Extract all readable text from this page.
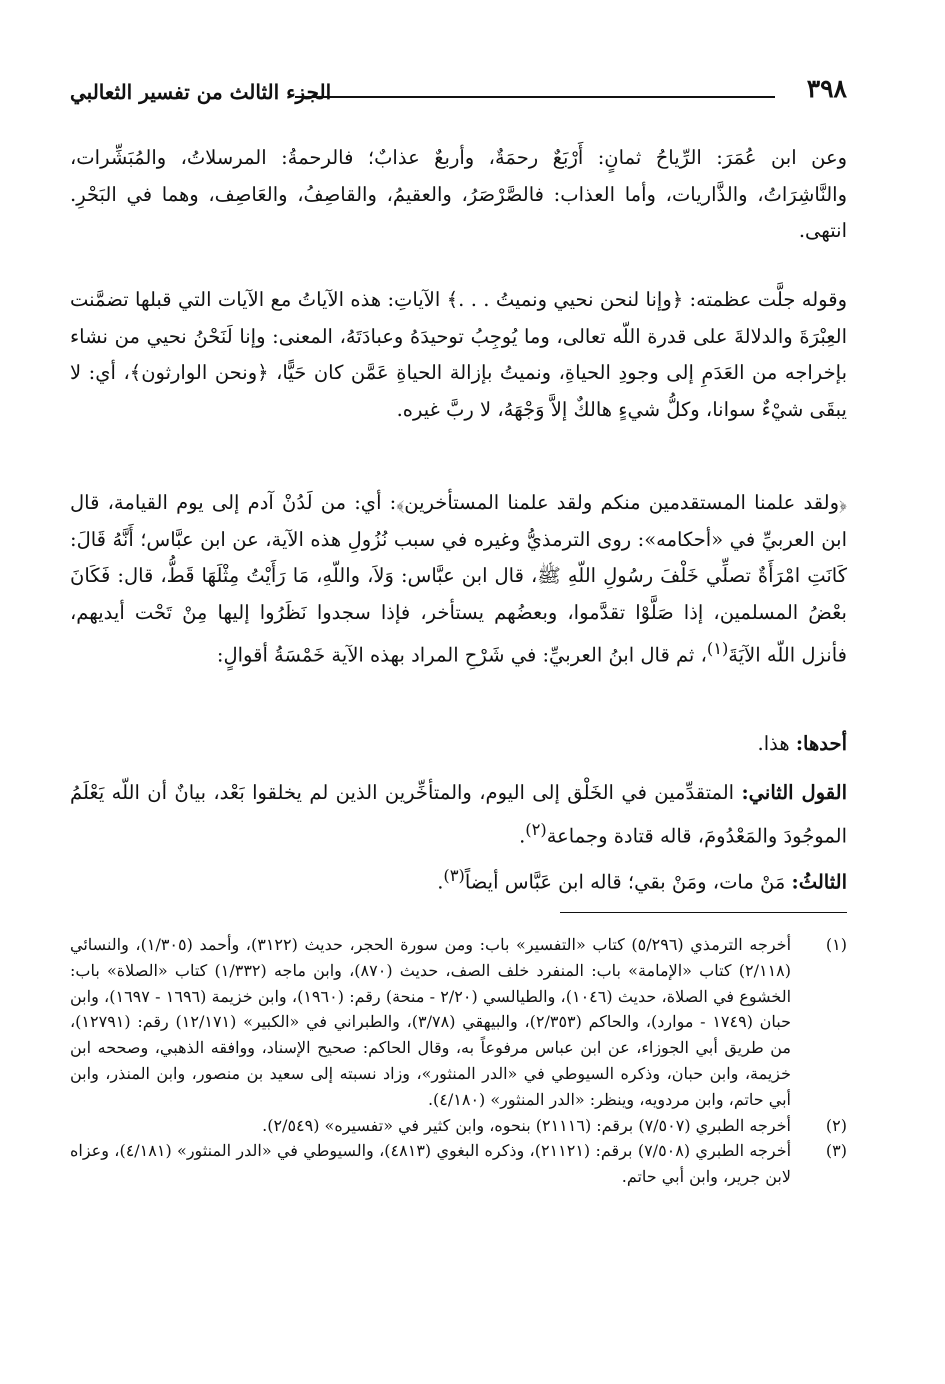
٣٩٨
الجزء الثالث من تفسير الثعالبي

وعن ابن عُمَرَ: الرِّياحُ ثمانٍ: أَرْبَعٌ رحمَةٌ، وأربعٌ عذابٌ؛ فالرحمةُ: المرسلاتُ، والمُبَشِّرات، والنَّاشِرَاتُ، والذَّاريات، وأما العذاب: فالصَّرْصَرُ، والعقيمُ، والقاصِفُ، والعَاصِف، وهما في البَحْرِ. انتهى.

وقوله جلَّت عظمته: ﴿وإنا لنحن نحيي ونميتُ . . .﴾ الآياتِ: هذه الآياتُ مع الآيات التي قبلها تضمَّنت العِبْرَةَ والدلالةَ على قدرة اللّه تعالى، وما يُوجِبُ توحيدَهُ وعبادَتَهُ، المعنى: وإنا لَنَحْنُ نحيي من نشاء بإخراجه من العَدَمِ إلى وجودِ الحياةِ، ونميتُ بإزالة الحياةِ عَمَّن كان حَيًّا، ﴿ونحن الوارثون﴾، أي: لا يبقَى شيْءٌ سوانا، وكلُّ شيءٍ هالكٌ إلاَّ وَجْهَهُ، لا ربَّ غيره.

﴿ولقد علمنا المستقدمين منكم ولقد علمنا المستأخرين﴾: أي: من لَدُنْ آدم إلى يوم القيامة، قال ابن العربيِّ في «أحكامه»: روى الترمذيُّ وغيره في سبب نُزُولِ هذه الآية، عن ابن عبَّاس؛ أَنَّهُ قَالَ: كَانَتِ امْرَأَةٌ تصلِّي خَلْفَ رسُولِ اللّهِ ﷺ، قال ابن عبَّاس: وَلاَ، واللّهِ، مَا رَأَيْتُ مِثْلَهَا قَطُّ، قال: فَكَانَ بعْضُ المسلمين، إذا صَلَّوْا تقدَّموا، وبعضُهم يستأخر، فإذا سجدوا نَظَرُوا إليها مِنْ تَحْت أيديهم، فأنزل اللّه الآيَةَ$^{(١)}$، ثم قال ابنُ العربيِّ: في شَرْحِ المراد بهذه الآية خَمْسَةُ أقوالٍ:

أحدها: هذا.

القول الثاني: المتقدِّمين في الخَلْق إلى اليوم، والمتأخِّرين الذين لم يخلقوا بَعْد، بيانٌ أن اللّه يَعْلَمُ الموجُودَ والمَعْدُومَ، قاله قتادة وجماعة$^{(٢)}$.

الثالثُ: مَنْ مات، ومَنْ بقي؛ قاله ابن عَبَّاس أيضاً$^{(٣)}$.

(١)
أخرجه الترمذي (٥/٢٩٦) كتاب «التفسير» باب: ومن سورة الحجر، حديث (٣١٢٢)، وأحمد (١/٣٠٥)، والنسائي (٢/١١٨) كتاب «الإمامة» باب: المنفرد خلف الصف، حديث (٨٧٠)، وابن ماجه (١/٣٣٢) كتاب «الصلاة» باب: الخشوع في الصلاة، حديث (١٠٤٦)، والطيالسي (٢/٢٠ - منحة) رقم: (١٩٦٠)، وابن خزيمة (١٦٩٦ - ١٦٩٧)، وابن حبان (١٧٤٩ - موارد)، والحاكم (٢/٣٥٣)، والبيهقي (٣/٧٨)، والطبراني في «الكبير» (١٢/١٧١) رقم: (١٢٧٩١)، من طريق أبي الجوزاء، عن ابن عباس مرفوعاً به، وقال الحاكم: صحيح الإسناد، ووافقه الذهبي، وصححه ابن خزيمة، وابن حبان، وذكره السيوطي في «الدر المنثور»، وزاد نسبته إلى سعيد بن منصور، وابن المنذر، وابن أبي حاتم، وابن مردويه، وينظر: «الدر المنثور» (٤/١٨٠).
(٢)
أخرجه الطبري (٧/٥٠٧) برقم: (٢١١١٦) بنحوه، وابن كثير في «تفسيره» (٢/٥٤٩).
(٣)
أخرجه الطبري (٧/٥٠٨) برقم: (٢١١٢١)، وذكره البغوي (٤٨١٣)، والسيوطي في «الدر المنثور» (٤/١٨١)، وعزاه لابن جرير، وابن أبي حاتم.
